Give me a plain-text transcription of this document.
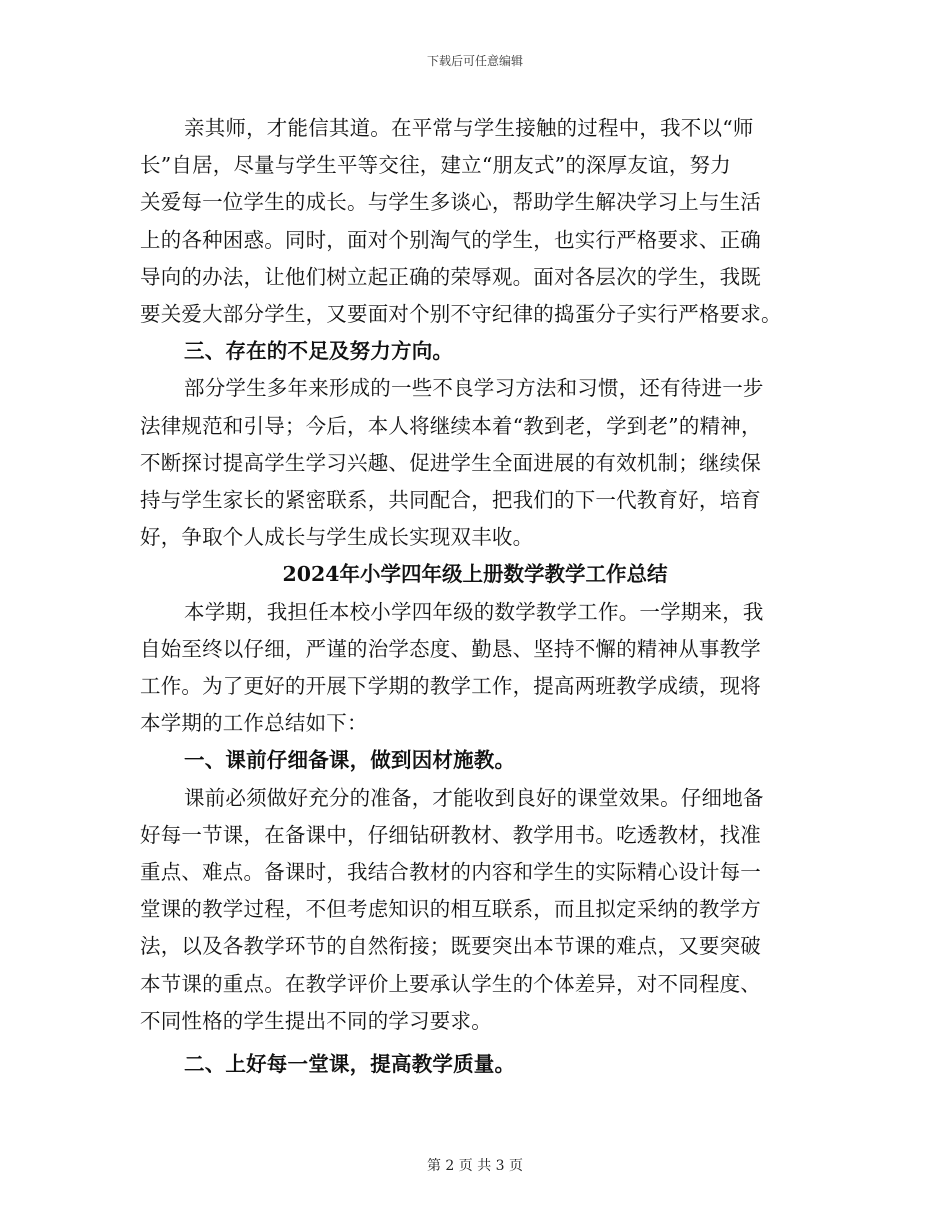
下载后可任意编辑
亲其师，才能信其道。在平常与学生接触的过程中，我不以“师
长”自居，尽量与学生平等交往，建立“朋友式”的深厚友谊，努力
关爱每一位学生的成长。与学生多谈心，帮助学生解决学习上与生活
上的各种困惑。同时，面对个别淘气的学生，也实行严格要求、正确
导向的办法，让他们树立起正确的荣辱观。面对各层次的学生，我既
要关爱大部分学生，又要面对个别不守纪律的捣蛋分子实行严格要求。
三、存在的不足及努力方向。
部分学生多年来形成的一些不良学习方法和习惯，还有待进一步
法律规范和引导；今后，本人将继续本着“教到老，学到老”的精神，
不断探讨提高学生学习兴趣、促进学生全面进展的有效机制；继续保
持与学生家长的紧密联系，共同配合，把我们的下一代教育好，培育
好，争取个人成长与学生成长实现双丰收。
2024年小学四年级上册数学教学工作总结
本学期，我担任本校小学四年级的数学教学工作。一学期来，我
自始至终以仔细，严谨的治学态度、勤恳、坚持不懈的精神从事教学
工作。为了更好的开展下学期的教学工作，提高两班教学成绩，现将
本学期的工作总结如下：
一、课前仔细备课，做到因材施教。
课前必须做好充分的准备，才能收到良好的课堂效果。仔细地备
好每一节课，在备课中，仔细钻研教材、教学用书。吃透教材，找准
重点、难点。备课时，我结合教材的内容和学生的实际精心设计每一
堂课的教学过程，不但考虑知识的相互联系，而且拟定采纳的教学方
法，以及各教学环节的自然衔接；既要突出本节课的难点，又要突破
本节课的重点。在教学评价上要承认学生的个体差异，对不同程度、
不同性格的学生提出不同的学习要求。
二、上好每一堂课，提高教学质量。
第 2 页 共 3 页
